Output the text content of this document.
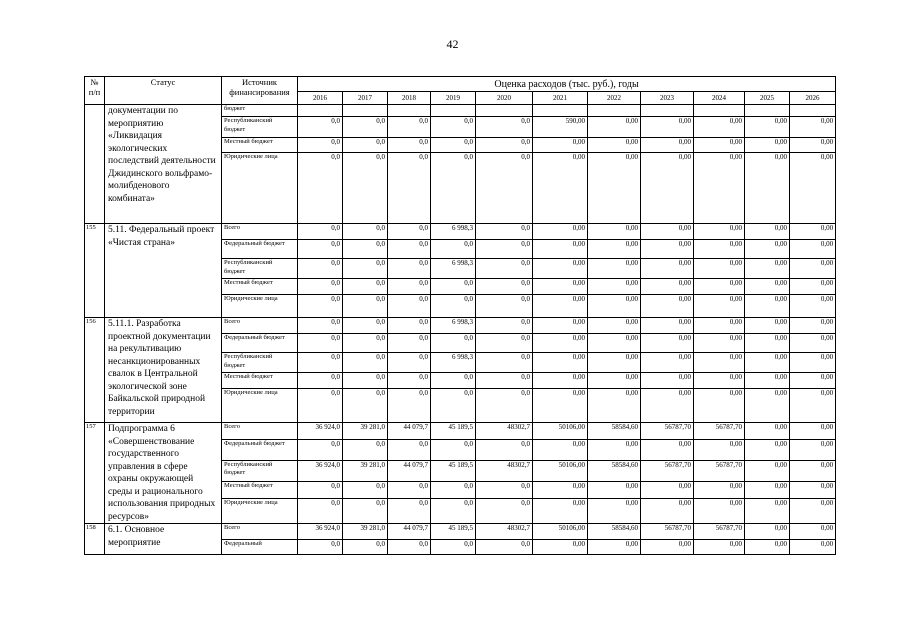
42
№ п/п	Статус	Источник финансирования	Оценка расходов (тыс. руб.), годы										
			2016	2017	2018	2019	2020	2021	2022	2023	2024	2025	2026
	документации по мероприятию «Ликвидация экологических последствий деятельности Джидинского вольфрамо-молибденового комбината»	бюджет											
		Республиканский бюджет	0,0	0,0	0,0	0,0	0,0	590,00	0,00	0,00	0,00	0,00	0,00
		Местный бюджет	0,0	0,0	0,0	0,0	0,0	0,00	0,00	0,00	0,00	0,00	0,00
		Юридические лица	0,0	0,0	0,0	0,0	0,0	0,00	0,00	0,00	0,00	0,00	0,00
155	5.11. Федеральный проект «Чистая страна»	Всего	0,0	0,0	0,0	6 998,3	0,0	0,00	0,00	0,00	0,00	0,00	0,00
		Федеральный бюджет	0,0	0,0	0,0	0,0	0,0	0,00	0,00	0,00	0,00	0,00	0,00
		Республиканский бюджет	0,0	0,0	0,0	6 998,3	0,0	0,00	0,00	0,00	0,00	0,00	0,00
		Местный бюджет	0,0	0,0	0,0	0,0	0,0	0,00	0,00	0,00	0,00	0,00	0,00
		Юридические лица	0,0	0,0	0,0	0,0	0,0	0,00	0,00	0,00	0,00	0,00	0,00
156	5.11.1. Разработка проектной документации на рекультивацию несанкционированных свалок в Центральной экологической зоне Байкальской природной территории	Всего	0,0	0,0	0,0	6 998,3	0,0	0,00	0,00	0,00	0,00	0,00	0,00
		Федеральный бюджет	0,0	0,0	0,0	0,0	0,0	0,00	0,00	0,00	0,00	0,00	0,00
		Республиканский бюджет	0,0	0,0	0,0	6 998,3	0,0	0,00	0,00	0,00	0,00	0,00	0,00
		Местный бюджет	0,0	0,0	0,0	0,0	0,0	0,00	0,00	0,00	0,00	0,00	0,00
		Юридические лица	0,0	0,0	0,0	0,0	0,0	0,00	0,00	0,00	0,00	0,00	0,00
157	Подпрограмма 6 «Совершенствование государственного управления в сфере охраны окружающей среды и рационального использования природных ресурсов»	Всего	36 924,0	39 281,0	44 079,7	45 189,5	48302,7	50106,00	58584,60	56787,70	56787,70	0,00	0,00
		Федеральный бюджет	0,0	0,0	0,0	0,0	0,0	0,00	0,00	0,00	0,00	0,00	0,00
		Республиканский бюджет	36 924,0	39 281,0	44 079,7	45 189,5	48302,7	50106,00	58584,60	56787,70	56787,70	0,00	0,00
		Местный бюджет	0,0	0,0	0,0	0,0	0,0	0,00	0,00	0,00	0,00	0,00	0,00
		Юридические лица	0,0	0,0	0,0	0,0	0,0	0,00	0,00	0,00	0,00	0,00	0,00
158	6.1. Основное мероприятие	Всего	36 924,0	39 281,0	44 079,7	45 189,5	48302,7	50106,00	58584,60	56787,70	56787,70	0,00	0,00
		Федеральный	0,0	0,0	0,0	0,0	0,0	0,00	0,00	0,00	0,00	0,00	0,00
